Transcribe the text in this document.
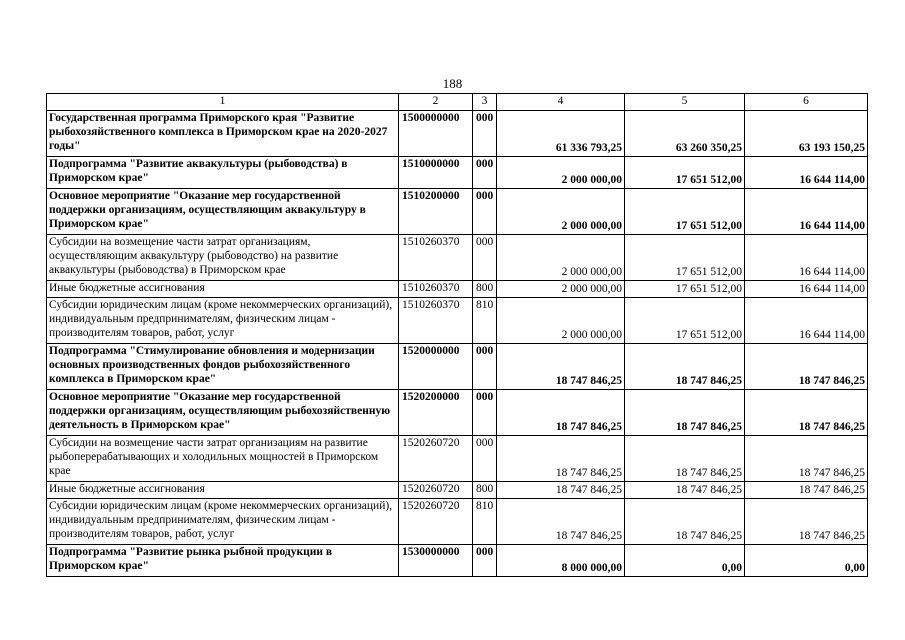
188
1	2	3	4	5	6
Государственная программа Приморского края "Развитие рыбохозяйственного комплекса в Приморском крае на 2020-2027 годы"	1500000000	000	61 336 793,25	63 260 350,25	63 193 150,25
Подпрограмма "Развитие аквакультуры (рыбоводства) в Приморском крае"	1510000000	000	2 000 000,00	17 651 512,00	16 644 114,00
Основное мероприятие "Оказание мер государственной поддержки организациям, осуществляющим аквакультуру в Приморском крае"	1510200000	000	2 000 000,00	17 651 512,00	16 644 114,00
Субсидии на возмещение части затрат организациям, осуществляющим аквакультуру (рыбоводство) на развитие аквакультуры (рыбоводства) в Приморском крае	1510260370	000	2 000 000,00	17 651 512,00	16 644 114,00
Иные бюджетные ассигнования	1510260370	800	2 000 000,00	17 651 512,00	16 644 114,00
Субсидии юридическим лицам (кроме некоммерческих организаций), индивидуальным предпринимателям, физическим лицам - производителям товаров, работ, услуг	1510260370	810	2 000 000,00	17 651 512,00	16 644 114,00
Подпрограмма "Стимулирование обновления и модернизации основных производственных фондов рыбохозяйственного комплекса в Приморском крае"	1520000000	000	18 747 846,25	18 747 846,25	18 747 846,25
Основное мероприятие "Оказание мер государственной поддержки организациям, осуществляющим рыбохозяйственную деятельность в Приморском крае"	1520200000	000	18 747 846,25	18 747 846,25	18 747 846,25
Субсидии на возмещение части затрат организациям на развитие рыбоперерабатывающих и холодильных мощностей в Приморском крае	1520260720	000	18 747 846,25	18 747 846,25	18 747 846,25
Иные бюджетные ассигнования	1520260720	800	18 747 846,25	18 747 846,25	18 747 846,25
Субсидии юридическим лицам (кроме некоммерческих организаций), индивидуальным предпринимателям, физическим лицам - производителям товаров, работ, услуг	1520260720	810	18 747 846,25	18 747 846,25	18 747 846,25
Подпрограмма "Развитие рынка рыбной продукции в Приморском крае"	1530000000	000	8 000 000,00	0,00	0,00
